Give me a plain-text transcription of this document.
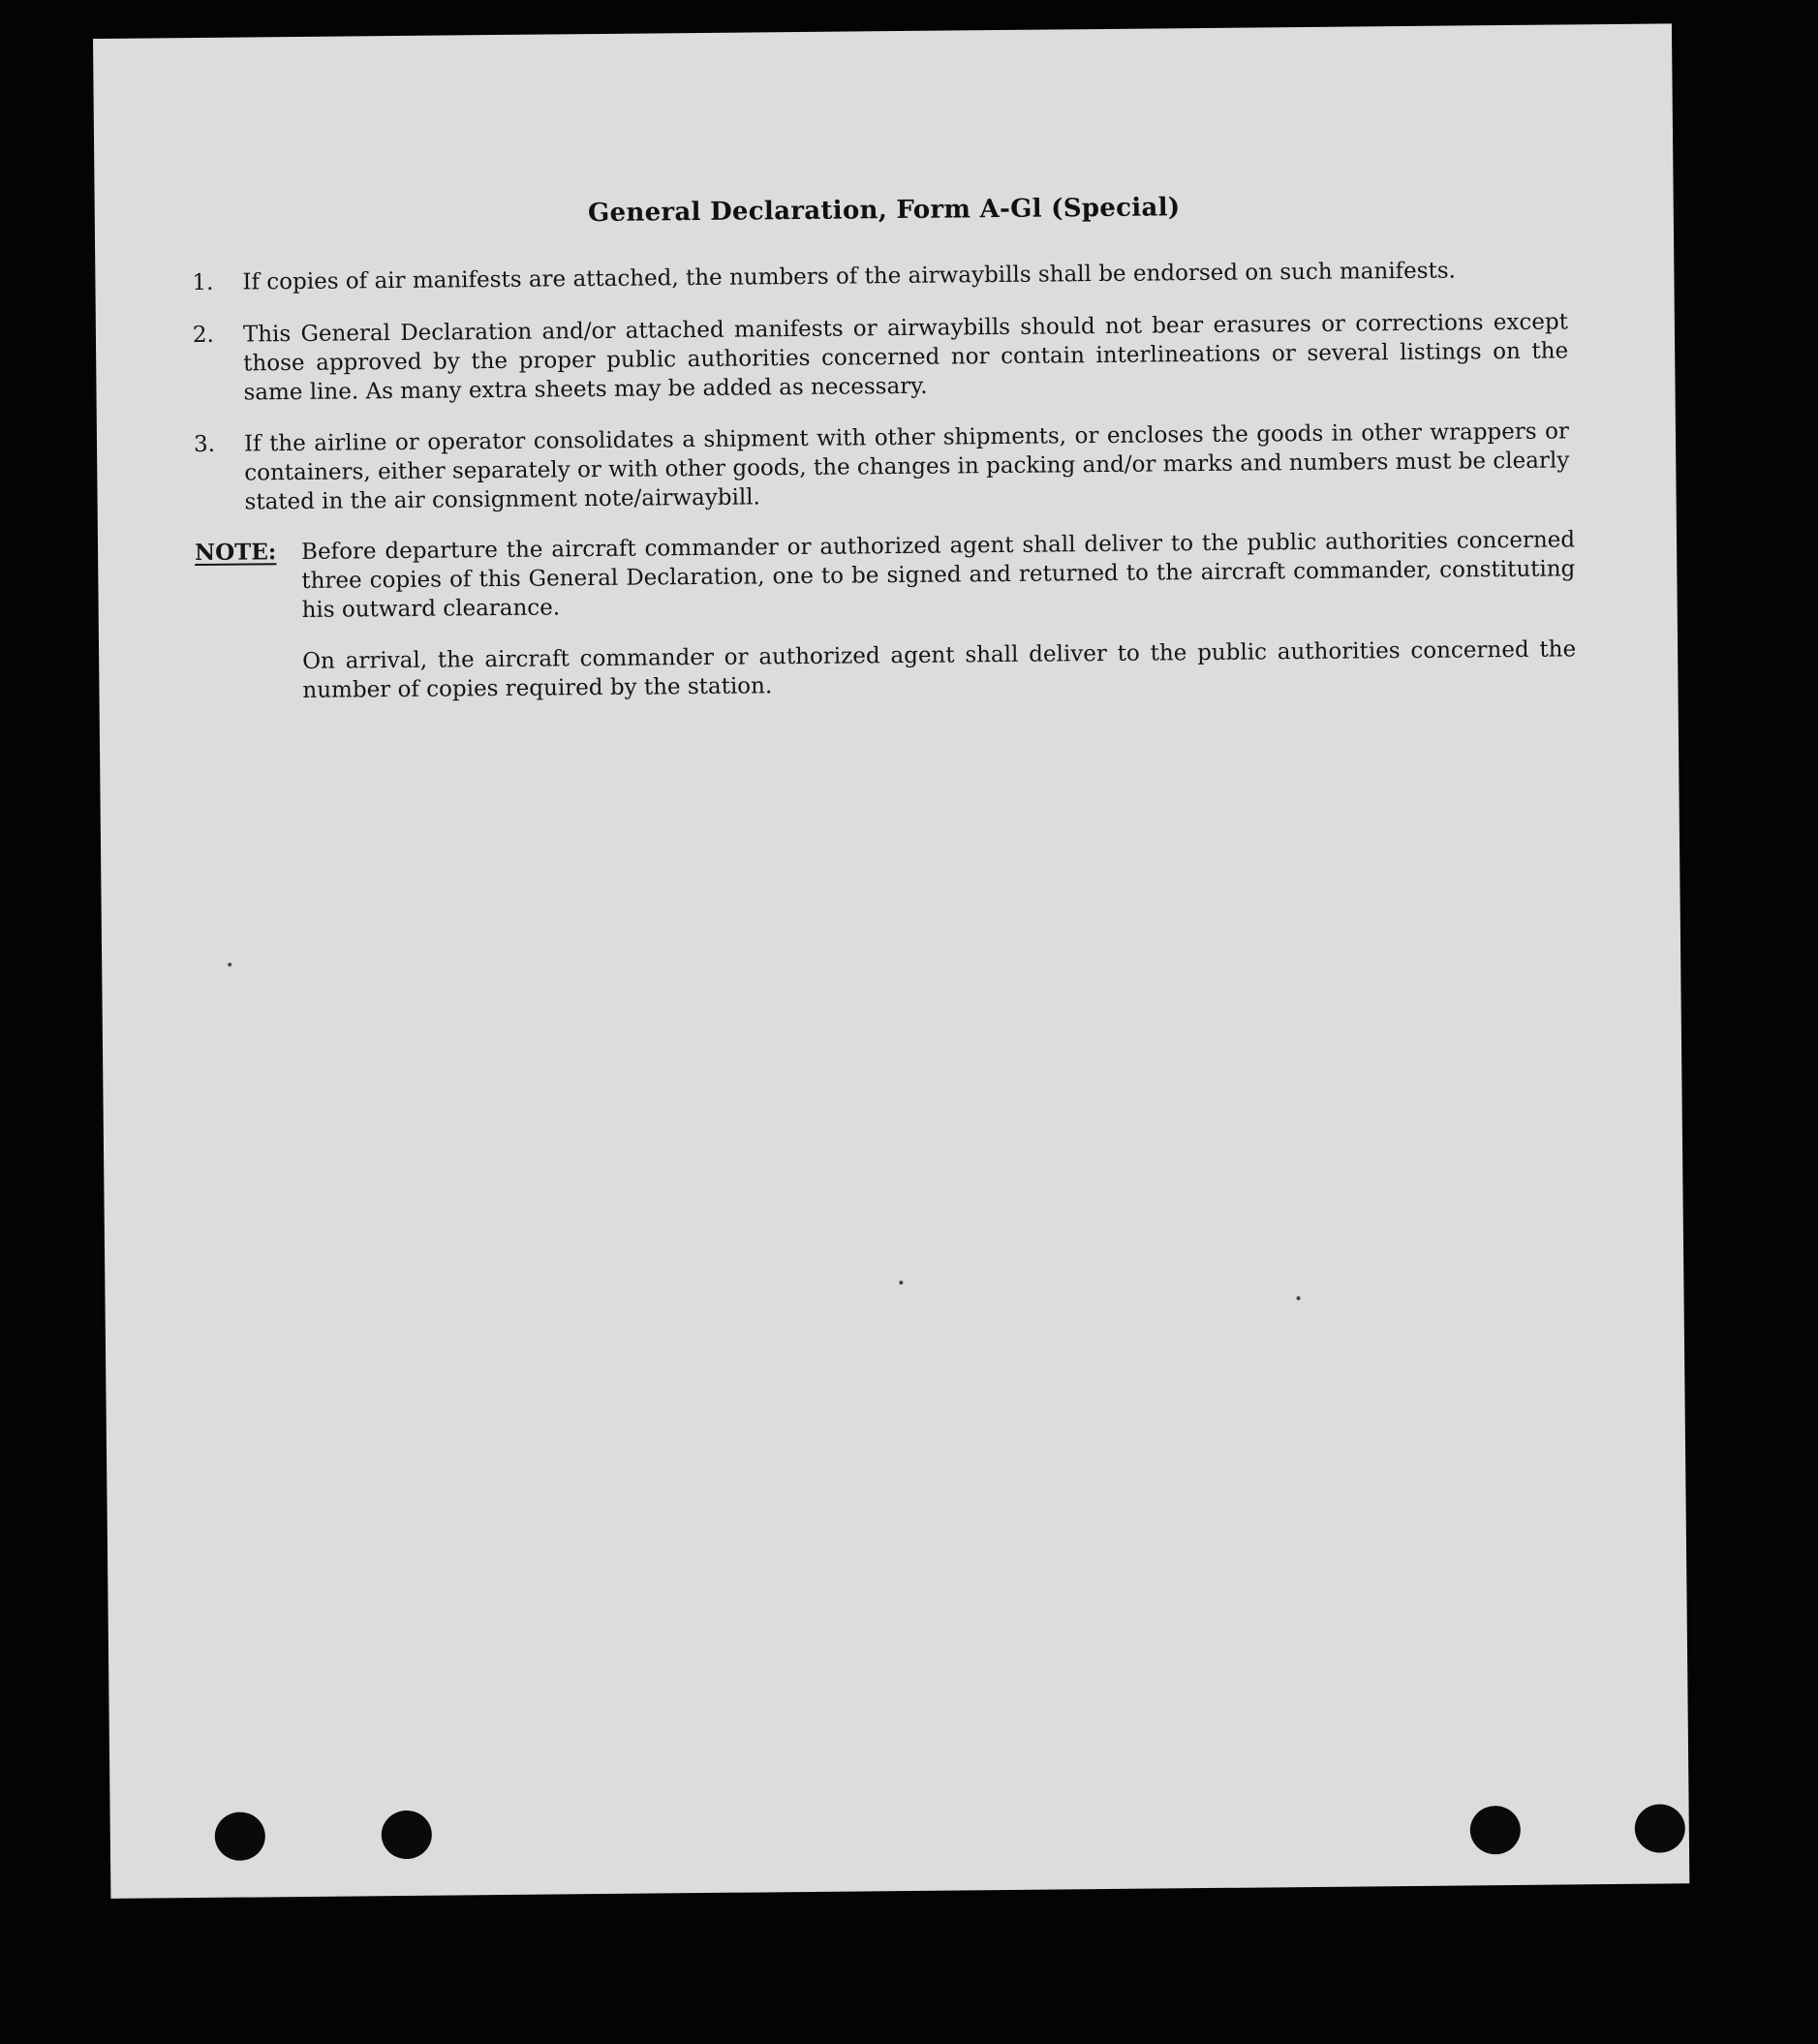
General Declaration, Form A-Gl (Special)
1.	If copies of air manifests are attached, the numbers of the airwaybills shall be endorsed on such manifests.
2.	This General Declaration and/or attached manifests or airwaybills should not bear erasures or corrections except those approved by the proper public authorities concerned nor contain interlineations or several listings on the same line. As many extra sheets may be added as necessary.
3.	If the airline or operator consolidates a shipment with other shipments, or encloses the goods in other wrappers or containers, either separately or with other goods, the changes in packing and/or marks and numbers must be clearly stated in the air consignment note/airwaybill.
NOTE: Before departure the aircraft commander or authorized agent shall deliver to the public authorities concerned three copies of this General Declaration, one to be signed and returned to the aircraft commander, constituting his outward clearance.
On arrival, the aircraft commander or authorized agent shall deliver to the public authorities concerned the number of copies required by the station.
